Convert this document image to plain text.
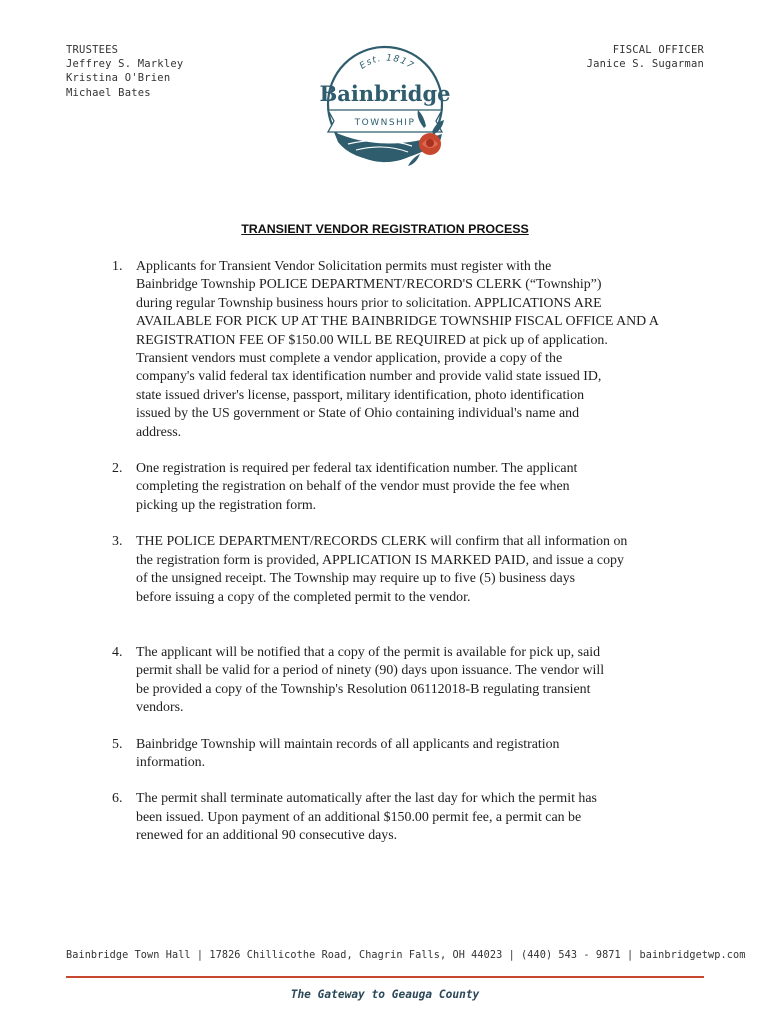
TRUSTEES
Jeffrey S. Markley
Kristina O'Brien
Michael Bates
FISCAL OFFICER
Janice S. Sugarman
Est. 1817
Bainbridge
TOWNSHIP
TRANSIENT VENDOR REGISTRATION PROCESS
1. Applicants for Transient Vendor Solicitation permits must register with the
Bainbridge Township POLICE DEPARTMENT/RECORD'S CLERK (“Township”)
during regular Township business hours prior to solicitation. APPLICATIONS ARE
AVAILABLE FOR PICK UP AT THE BAINBRIDGE TOWNSHIP FISCAL OFFICE AND A
REGISTRATION FEE OF $150.00 WILL BE REQUIRED at pick up of application.
Transient vendors must complete a vendor application, provide a copy of the
company's valid federal tax identification number and provide valid state issued ID,
state issued driver's license, passport, military identification, photo identification
issued by the US government or State of Ohio containing individual's name and
address.
2. One registration is required per federal tax identification number. The applicant
completing the registration on behalf of the vendor must provide the fee when
picking up the registration form.
3. THE POLICE DEPARTMENT/RECORDS CLERK will confirm that all information on
the registration form is provided, APPLICATION IS MARKED PAID, and issue a copy
of the unsigned receipt. The Township may require up to five (5) business days
before issuing a copy of the completed permit to the vendor.
4. The applicant will be notified that a copy of the permit is available for pick up, said
permit shall be valid for a period of ninety (90) days upon issuance. The vendor will
be provided a copy of the Township's Resolution 06112018-B regulating transient
vendors.
5. Bainbridge Township will maintain records of all applicants and registration
information.
6. The permit shall terminate automatically after the last day for which the permit has
been issued. Upon payment of an additional $150.00 permit fee, a permit can be
renewed for an additional 90 consecutive days.
Bainbridge Town Hall | 17826 Chillicothe Road, Chagrin Falls, OH 44023 | (440) 543 - 9871 | bainbridgetwp.com
The Gateway to Geauga County
